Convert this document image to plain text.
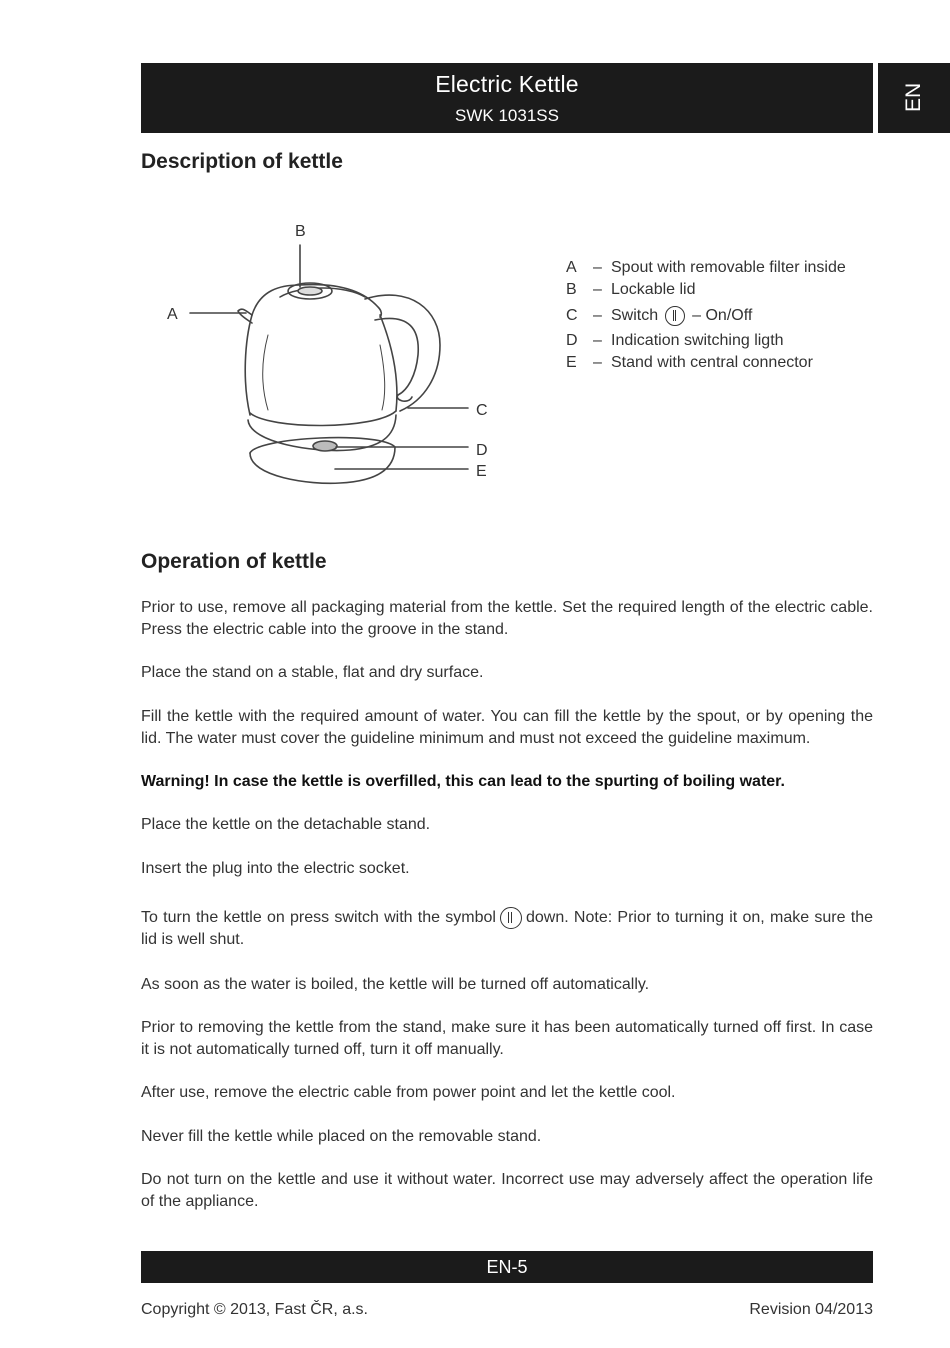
Electric Kettle
SWK 1031SS
EN
Description of kettle
A
B
C
D
E
A	– Spout with removable filter inside
B	– Lockable lid
C – Switch – On/Off
D – Indication switching ligth
E	– Stand with central connector
Operation of kettle

Prior to use, remove all packaging material from the kettle. Set the required length of the electric cable. Press the electric cable into the groove in the stand.

Place the stand on a stable, flat and dry surface.

Fill the kettle with the required amount of water. You can fill the kettle by the spout, or by opening the lid. The water must cover the guideline minimum and must not exceed the guideline maximum.

Warning! In case the kettle is overfilled, this can lead to the spurting of boiling water.

Place the kettle on the detachable stand.

Insert the plug into the electric socket.

To turn the kettle on press switch with the symbol down. Note: Prior to turning it on, make sure the lid is well shut.

As soon as the water is boiled, the kettle will be turned off automatically.

Prior to removing the kettle from the stand, make sure it has been automatically turned off first. In case it is not automatically turned off, turn it off manually.

After use, remove the electric cable from power point and let the kettle cool.

Never fill the kettle while placed on the removable stand.

Do not turn on the kettle and use it without water. Incorrect use may adversely affect the operation life of the appliance.

EN-5
Copyright © 2013, Fast ČR, a.s.	Revision 04/2013
